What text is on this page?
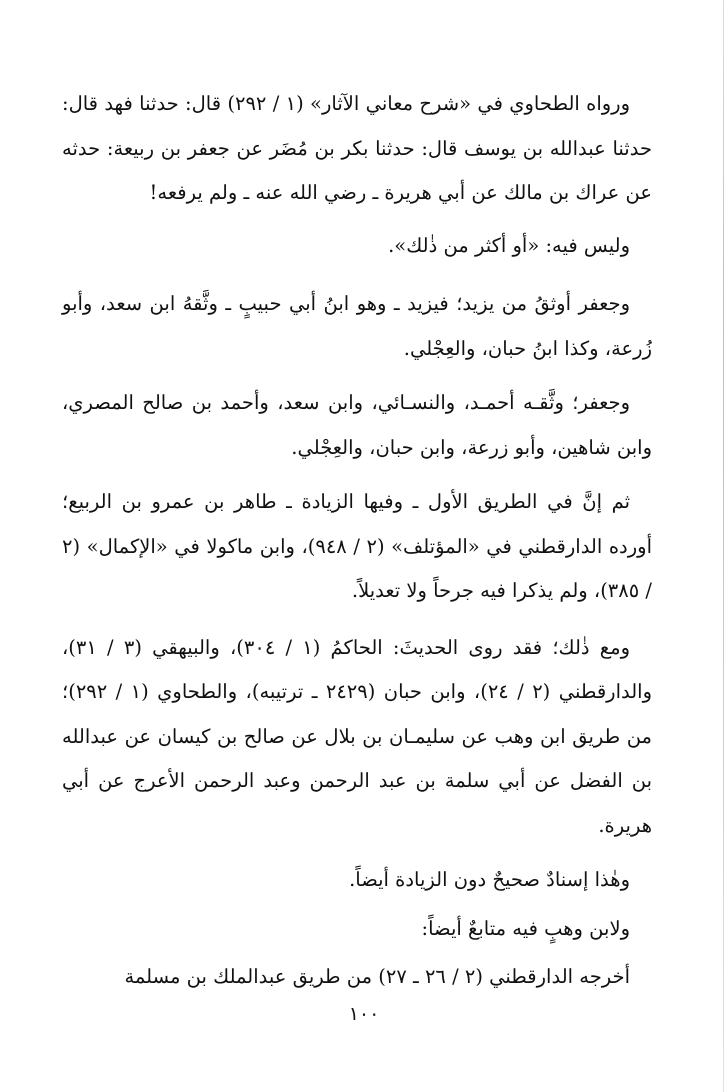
ورواه الطحاوي في «شرح معاني الآثار» (١ / ٢٩٢) قال: حدثنا فهد قال: حدثنا عبدالله بن يوسف قال: حدثنا بكر بن مُضَر عن جعفر بن ربيعة: حدثه عن عراك بن مالك عن أبي هريرة ـ رضي الله عنه ـ ولم يرفعه!

وليس فيه: «أو أكثر من ذٰلك».

وجعفر أوثقُ من يزيد؛ فيزيد ـ وهو ابنُ أبي حبيبٍ ـ وثَّقهُ ابن سعد، وأبو زُرعة، وكذا ابنُ حبان، والعِجْلي.

وجعفر؛ وثَّقـه أحمـد، والنسـائي، وابن سعد، وأحمد بن صالح المصري، وابن شاهين، وأبو زرعة، وابن حبان، والعِجْلي.

ثم إنَّ في الطريق الأول ـ وفيها الزيادة ـ طاهر بن عمرو بن الربيع؛ أورده الدارقطني في «المؤتلف» (٢ / ٩٤٨)، وابن ماكولا في «الإكمال» (٢ / ٣٨٥)، ولم يذكرا فيه جرحاً ولا تعديلاً.

ومع ذٰلك؛ فقد روى الحديثَ: الحاكمُ (١ / ٣٠٤)، والبيهقي (٣ / ٣١)، والدارقطني (٢ / ٢٤)، وابن حبان (٢٤٢٩ ـ ترتيبه)، والطحاوي (١ / ٢٩٢)؛ من طريق ابن وهب عن سليمـان بن بلال عن صالح بن كيسان عن عبدالله بن الفضل عن أبي سلمة بن عبد الرحمن وعبد الرحمن الأعرج عن أبي هريرة.

وهٰذا إسنادٌ صحيحٌ دون الزيادة أيضاً.

ولابن وهبٍ فيه متابعٌ أيضاً:

أخرجه الدارقطني (٢ / ٢٦ ـ ٢٧) من طريق عبدالملك بن مسلمة

١٠٠
